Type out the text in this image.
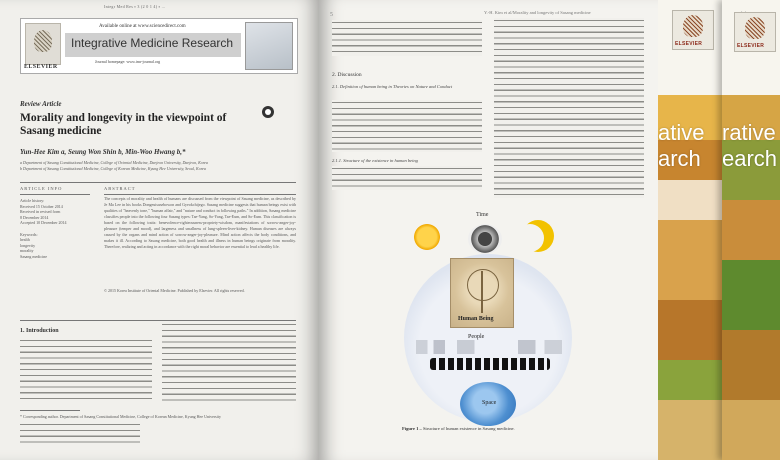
Integr Med Res ▪ 3 (2 0 1 4) ▪ ...
ELSEVIER
Available online at www.sciencedirect.com
Integrative Medicine Research
Journal homepage: www.imr-journal.org
Review Article
Morality and longevity in the viewpoint of Sasang medicine
Yun-Hee Kim a, Seung Won Shin b, Min-Woo Hwang b,*
a Department of Sasang Constitutional Medicine, College of Oriental Medicine, Daejeon University, Daejeon, Korea
b Department of Sasang Constitutional Medicine, College of Korean Medicine, Kyung Hee University, Seoul, Korea
ARTICLE INFO	ABSTRACT
Article history:
Received 15 October 2014
Received in revised form
8 December 2014
Accepted 10 December 2014

Keywords:
health
longevity
morality
Sasang medicine
The concepts of morality and health of humans are discussed from the viewpoint of Sasang medicine, as described by Je Ma Lee in his books Dongeuisusebowon and Gyeokchijego. Sasang medicine suggests that human beings exist with qualities of "heavenly tone," "human affair," and "nature and conduct in following paths." In addition, Sasang medicine classifies people into the following four Sasang types: Tae-Yang, So-Yang, Tae-Eum, and So-Eum. This classification is based on the following traits: benevolence-righteousness-propriety-wisdom, manifestations of sorrow-anger-joy-pleasure (temper and mood), and largeness and smallness of lung-spleen-liver-kidney. Human diseases are always caused by the organs and mind action of sorrow-anger-joy-pleasure. Mind action affects the body conditions, and makes it ill. According to Sasang medicine, both good health and illness in human beings originate from morality. Therefore, realizing and acting in accordance with the right moral behavior are essential to lead a healthy life.
© 2015 Korea Institute of Oriental Medicine. Published by Elsevier. All rights reserved.
1. Introduction
* Corresponding author. Department of Sasang Constitutional Medicine, College of Korean Medicine, Kyung Hee University
5	Y.-H. Kim et al/Morality and longevity of Sasang medicine
2. Discussion
2.1. Definition of human being in Theories on Nature and Conduct
2.1.1. Structure of the existence in human being
Time
Human Being
People
Space
Figure 1 – Structure of human existence in Sasang medicine.
ELSEVIER
ative
arch
ELSEVIER
rative
earch
